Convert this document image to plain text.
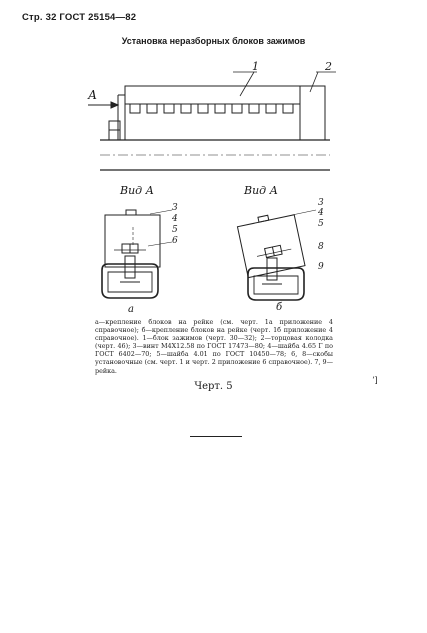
Стр. 32 ГОСТ 25154—82
Установка неразборных блоков зажимов
А
1	2
Вид А	Вид А
3
4
5
6
а
3
4
5
8
9
б
а—крепление блоков на рейке (см. черт. 1а приложение 4 справочное); б—крепление блоков на рейке (черт. 1б приложение 4 справочное). 1—блок зажимов (черт. 30—32); 2—торцовая колодка (черт. 46); 3—винт М4Х12.58 по ГОСТ 17473—80; 4—шайба 4.65 Г по ГОСТ 6402—70; 5—шайба 4.01 по ГОСТ 10450—78; 6, 8—скобы установочные (см. черт. 1 и черт. 2 приложение 6 справочное). 7, 9—рейка.
Черт. 5
ʼ]
